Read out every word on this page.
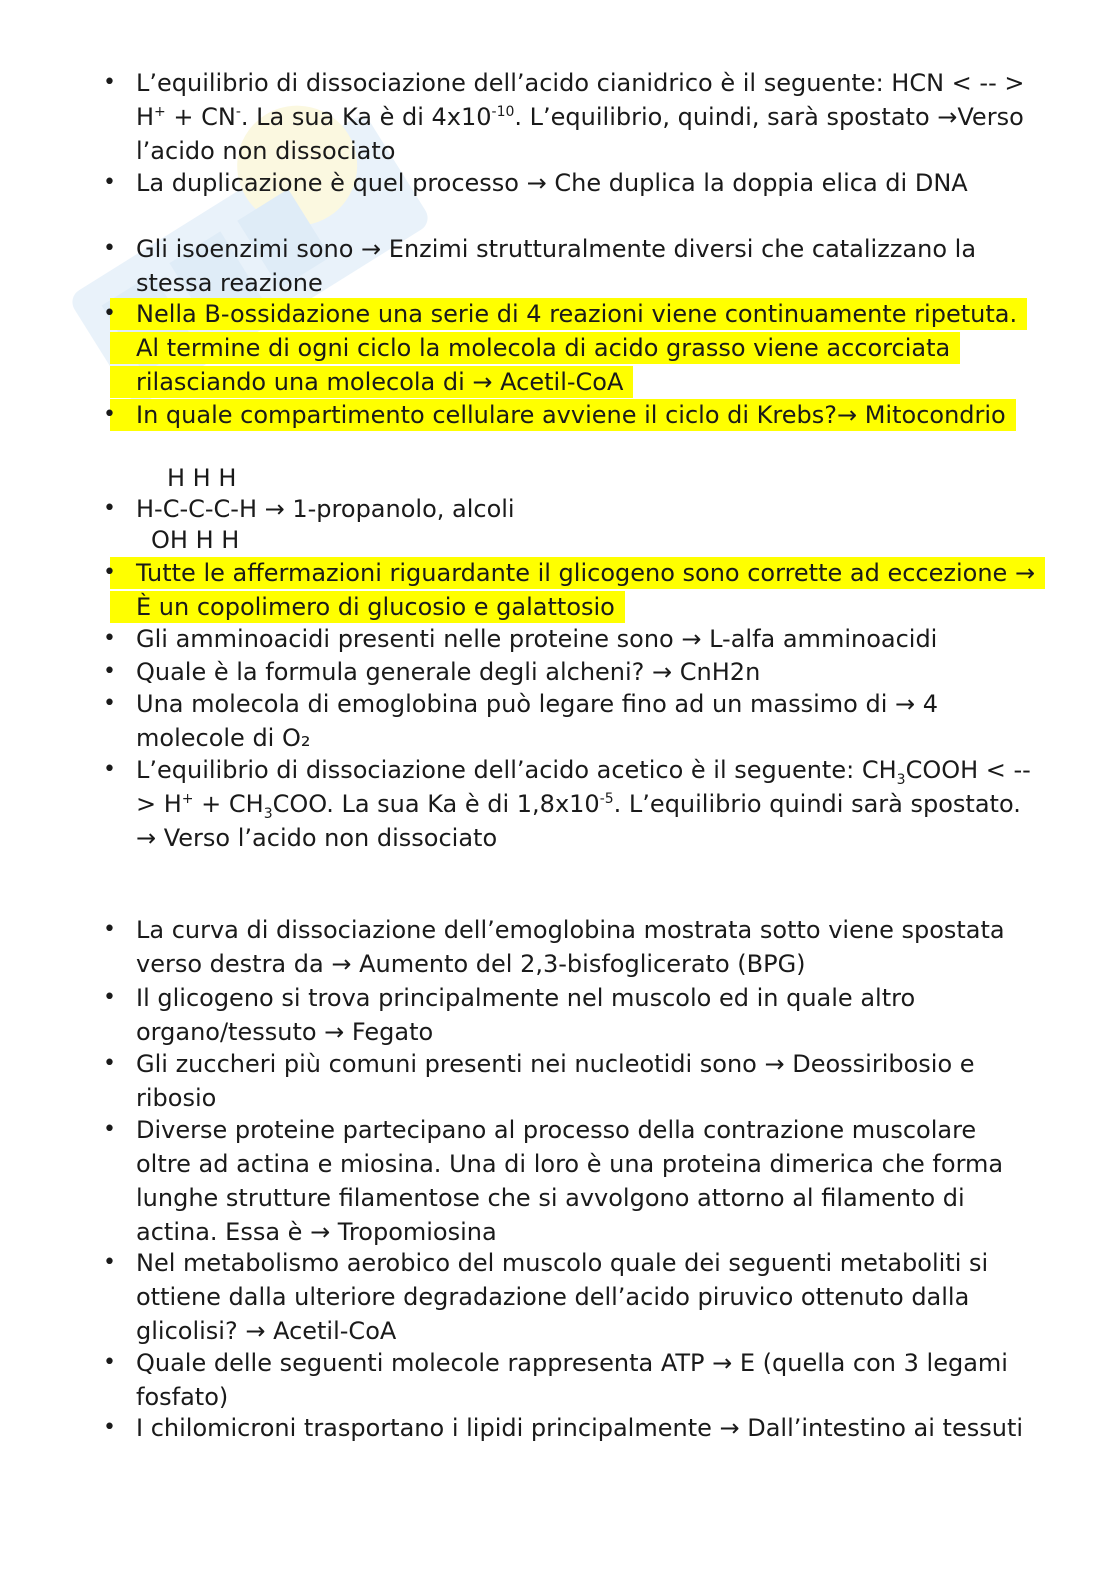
• L’equilibrio di dissociazione dell’acido cianidrico è il seguente: HCN < -- > H+ + CN-. La sua Ka è di $4x10^{-10}$. L’equilibrio, quindi, sarà spostato →Verso l’acido non dissociato

• La duplicazione è quel processo → Che duplica la doppia elica di DNA

• Gli isoenzimi sono → Enzimi strutturalmente diversi che catalizzano la stessa reazione

• Nella B-ossidazione una serie di 4 reazioni viene continuamente ripetuta. Al termine di ogni ciclo la molecola di acido grasso viene accorciata rilasciando una molecola di → Acetil-CoA

• In quale compartimento cellulare avviene il ciclo di Krebs?→ Mitocondrio

H H H

• H-C-C-C-H → 1-propanolo, alcoli

OH H H

• Tutte le affermazioni riguardante il glicogeno sono corrette ad eccezione → È un copolimero di glucosio e galattosio

• Gli amminoacidi presenti nelle proteine sono → L-alfa amminoacidi

• Quale è la formula generale degli alcheni? → CnH2n

• Una molecola di emoglobina può legare fino ad un massimo di → 4 molecole di O₂

• L’equilibrio di dissociazione dell’acido acetico è il seguente: $CH_3COOH$ < -- > $H^+ + CH_3COO$. La sua Ka è di $1,8x10^{-5}$. L’equilibrio quindi sarà spostato. → Verso l’acido non dissociato

• La curva di dissociazione dell’emoglobina mostrata sotto viene spostata verso destra da → Aumento del 2,3-bisfoglicerato (BPG)

• Il glicogeno si trova principalmente nel muscolo ed in quale altro organo/tessuto → Fegato

• Gli zuccheri più comuni presenti nei nucleotidi sono → Deossiribosio e ribosio

• Diverse proteine partecipano al processo della contrazione muscolare oltre ad actina e miosina. Una di loro è una proteina dimerica che forma lunghe strutture filamentose che si avvolgono attorno al filamento di actina. Essa è → Tropomiosina

• Nel metabolismo aerobico del muscolo quale dei seguenti metaboliti si ottiene dalla ulteriore degradazione dell’acido piruvico ottenuto dalla glicolisi? → Acetil-CoA

• Quale delle seguenti molecole rappresenta ATP → E (quella con 3 legami fosfato)

• I chilomicroni trasportano i lipidi principalmente → Dall’intestino ai tessuti
